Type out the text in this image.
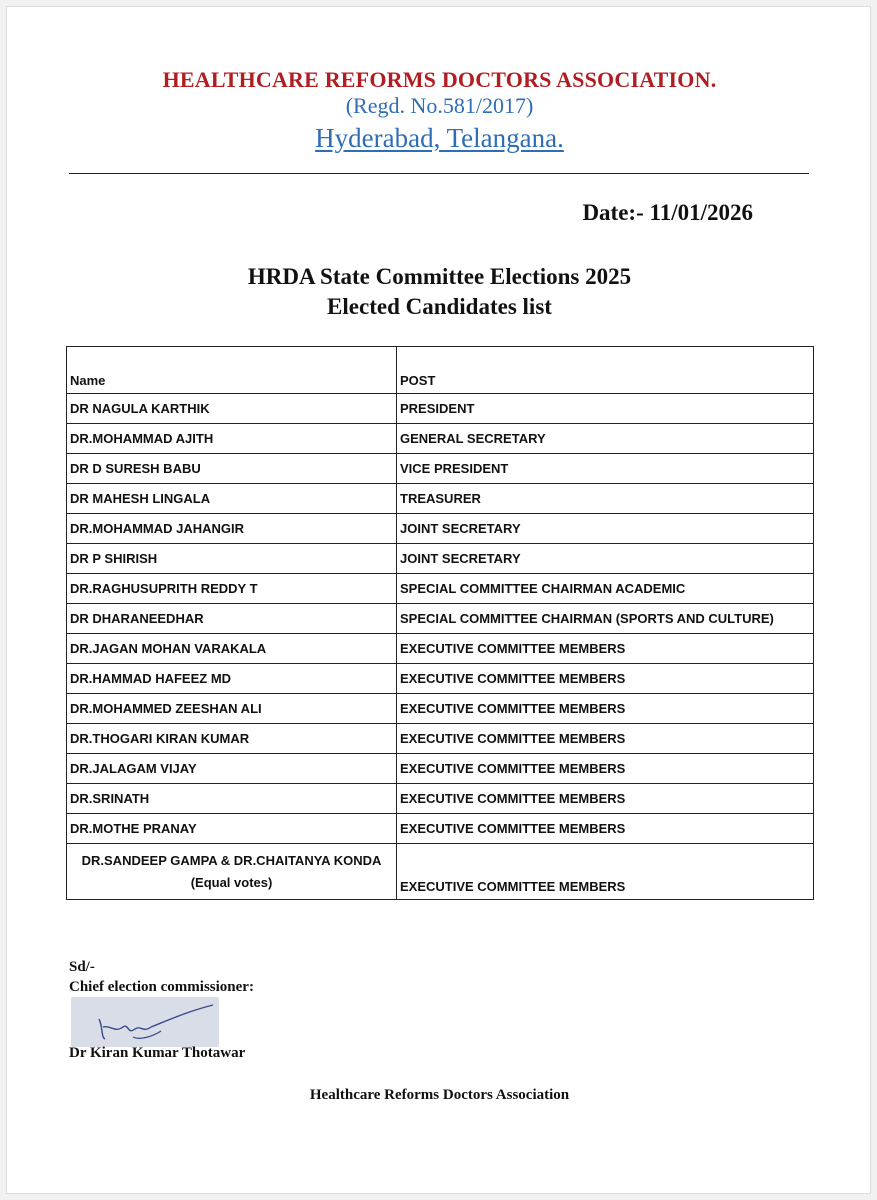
HEALTHCARE REFORMS DOCTORS ASSOCIATION.
(Regd. No.581/2017)
Hyderabad, Telangana.
Date:- 11/01/2026
HRDA State Committee Elections 2025
Elected Candidates list
Name	POST
DR NAGULA KARTHIK	PRESIDENT
DR.MOHAMMAD AJITH	GENERAL SECRETARY
DR D SURESH BABU	VICE PRESIDENT
DR MAHESH LINGALA	TREASURER
DR.MOHAMMAD JAHANGIR	JOINT SECRETARY
DR P SHIRISH	JOINT SECRETARY
DR.RAGHUSUPRITH REDDY T	SPECIAL COMMITTEE CHAIRMAN ACADEMIC
DR DHARANEEDHAR	SPECIAL COMMITTEE CHAIRMAN (SPORTS AND CULTURE)
DR.JAGAN MOHAN VARAKALA	EXECUTIVE COMMITTEE MEMBERS
DR.HAMMAD HAFEEZ MD	EXECUTIVE COMMITTEE MEMBERS
DR.MOHAMMED ZEESHAN ALI	EXECUTIVE COMMITTEE MEMBERS
DR.THOGARI KIRAN KUMAR	EXECUTIVE COMMITTEE MEMBERS
DR.JALAGAM VIJAY	EXECUTIVE COMMITTEE MEMBERS
DR.SRINATH	EXECUTIVE COMMITTEE MEMBERS
DR.MOTHE PRANAY	EXECUTIVE COMMITTEE MEMBERS

DR.SANDEEP GAMPA & DR.CHAITANYA KONDA
(Equal votes)	EXECUTIVE COMMITTEE MEMBERS
Sd/-
Chief election commissioner:
Dr Kiran Kumar Thotawar
Healthcare Reforms Doctors Association
